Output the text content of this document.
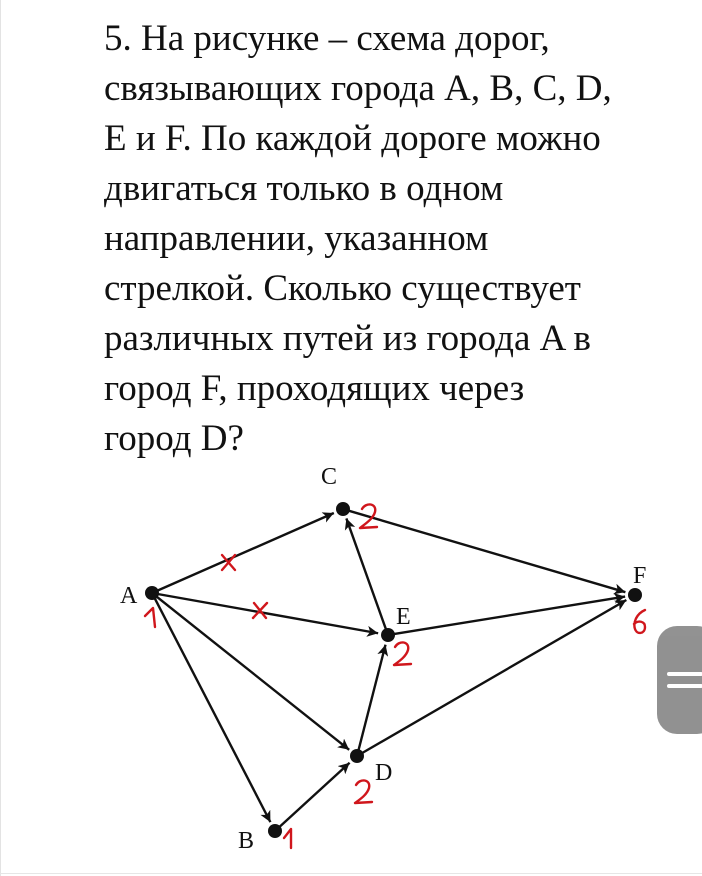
5. На рисунке – схема дорог,
связывающих города A, B, C, D,
E и F. По каждой дороге можно
двигаться только в одном
направлении, указанном
стрелкой. Сколько существует
различных путей из города A в
город F, проходящих через
город D?

A
B
C
D
E
F
